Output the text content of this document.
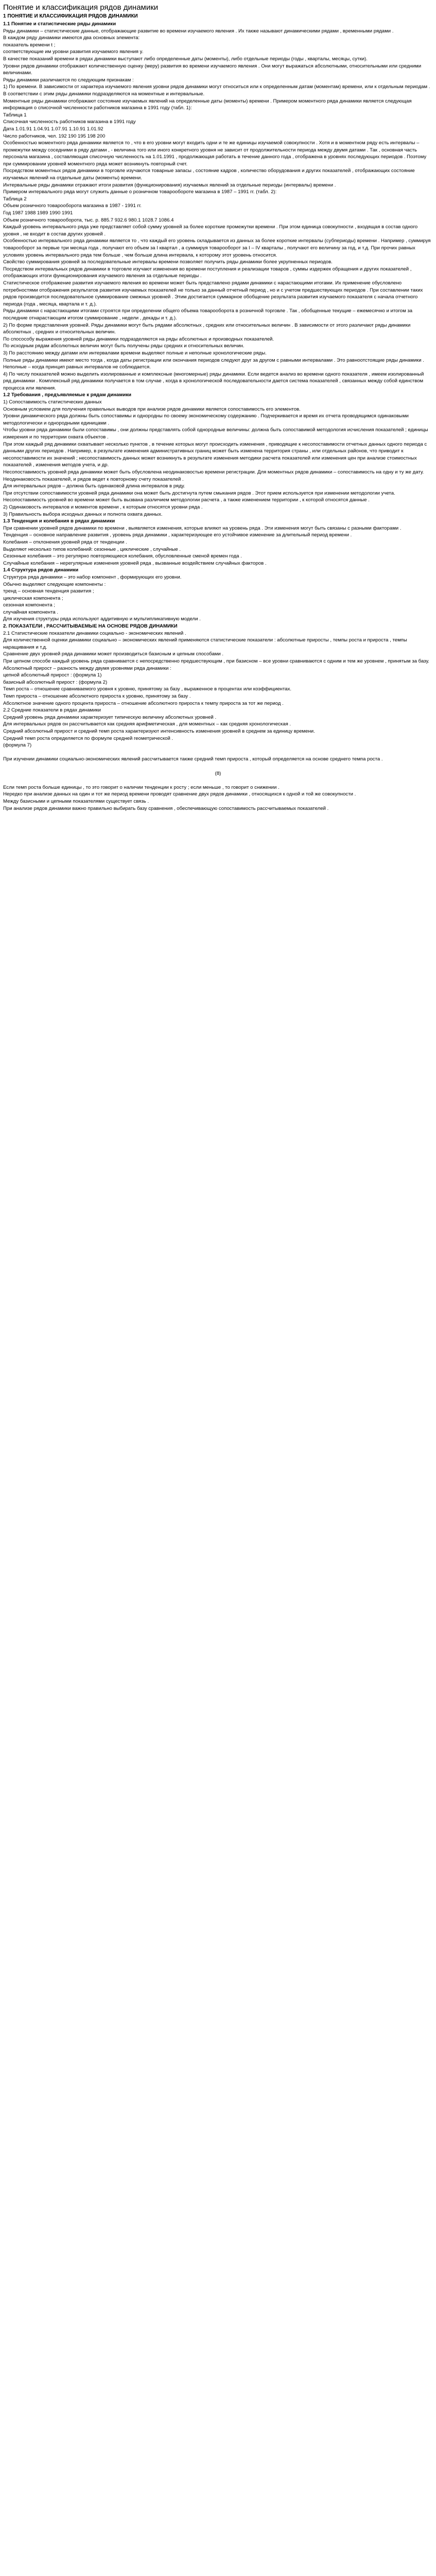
Понятие и классификация рядов динамики
1 ПОНЯТИЕ И КЛАССИФИКАЦИЯ РЯДОВ ДИНАМИКИ

1.1 Понятие и статистические ряды динамики

Ряды динамики – статистические данные, отображающие развитие во времени изучаемого явления . Их также называют динамическими рядами , временными рядами .

В каждом ряду динамики имеются два основных элемента:

показатель времени t ;

соответствующие им уровни развития изучаемого явления y.

В качестве показаний времени в рядах динамики выступают либо определенные даты (моменты), либо отдельные периоды (годы , кварталы, месяцы, сутки).

Уровни рядов динамики отображают количественную оценку (меру) развития во времени изучаемого явления . Они могут выражаться абсолютными, относительными или средними величинами.

Ряды динамики различаются по следующим признакам :

1) По времени. В зависимости от характера изучаемого явления уровни рядов динамики могут относиться или к определенным датам (моментам) времени, или к отдельным периодам . В соответствии с этим ряды динамики подразделяются на моментные и интервальные.

Моментные ряды динамики отображают состояние изучаемых явлений на определенные даты (моменты) времени . Примером моментного ряда динамики является следующая информация о списочной численности работников магазина в 1991 году (табл. 1):

Таблица 1

Списочная численность работников магазина в 1991 году

Дата 1.01.91 1.04.91 1.07.91 1.10.91 1.01.92

Число работников, чел. 192 190 195 198 200

Особенностью моментного ряда динамики является то , что в его уровни могут входить одни и те же единицы изучаемой совокупности . Хотя и в моментном ряду есть интервалы – промежутки между соседними в ряду датами , - величина того или иного конкретного уровня не зависит от продолжительности периода между двумя датами . Так , основная часть персонала магазина , составляющая списочную численность на 1.01.1991 , продолжающая работать в течение данного года , отображена в уровнях последующих периодов . Поэтому при суммировании уровней моментного ряда может возникнуть повторный счет.

Посредством моментных рядов динамики в торговле изучаются товарные запасы , состояние кадров , количество оборудования и других показателей , отображающих состояние изучаемых явлений на отдельные даты (моменты) времени.

Интервальные ряды динамики отражают итоги развития (функционирования) изучаемых явлений за отдельные периоды (интервалы) времени .

Примером интервального ряда могут служить данные о розничном товарообороте магазина в 1987 – 1991 гг. (табл. 2):

Таблица 2

Объем розничного товарооборота магазина в 1987 - 1991 гг.

Год 1987 1988 1989 1990 1991

Объем розничного товарооборота, тыс. р. 885.7 932.6 980.1 1028.7 1086.4

Каждый уровень интервального ряда уже представляет собой сумму уровней за более короткие промежутки времени . При этом единица совокупности , входящая в состав одного уровня , не входит в состав других уровней .

Особенностью интервального ряда динамики является то , что каждый его уровень складывается из данных за более короткие интервалы (субпериоды) времени . Например , суммируя товарооборот за первые три месяца года , получают его объем за I квартал , а суммируя товарооборот за I – IV кварталы , получают его величину за год, и т.д. При прочих равных условиях уровень интервального ряда тем больше , чем больше длина интервала, к которому этот уровень относится.

Свойство суммирования уровней за последовательные интервалы времени позволяет получить ряды динамики более укрупненных периодов.

Посредством интервальных рядов динамики в торговле изучают изменения во времени поступления и реализации товаров , суммы издержек обращения и других показателей , отображающих итоги функционирования изучаемого явления за отдельные периоды .

Статистическое отображение развития изучаемого явления во времени может быть представлено рядами динамики с нарастающими итогами. Их применение обусловлено потребностями отображения результатов развития изучаемых показателей не только за данный отчетный период , но и с учетом предшествующих периодов . При составлении таких рядов производится последовательное суммирование смежных уровней . Этим достигается суммарное обобщение результата развития изучаемого показателя с начала отчетного периода (года , месяца, квартала и т. д.).

Ряды динамики с нарастающими итогами строятся при определении общего объема товарооборота в розничной торговле . Так , обобщенные текущие – ежемесячно и итогом за последние отнарастающим итогом суммирование , недели , декады и т. д.).

2) По форме представления уровней. Ряды динамики могут быть рядами абсолютных , средних или относительных величин . В зависимости от этого различают ряды динамики абсолютных , средних и относительных величин.

По спосособу выражения уровней ряды динамики подразделяются на ряды абсолютных и производных показателей.

По исходным рядам абсолютных величин могут быть получены ряды средних и относительных величин.

3) По расстоянию между датами или интервалами времени выделяют полные и неполные хронологические ряды.

Полные ряды динамики имеют место тогда , когда даты регистрации или окончания периодов следуют друг за другом с равными интервалами . Это равноотстоящие ряды динамики .

Неполные – когда принцип равных интервалов не соблюдается.

4) По числу показателей можно выделить изолированные и комплексные (многомерные) ряды динамики. Если ведется анализ во времени одного показателя , имеем изолированный ряд динамики . Комплексный ряд динамики получается в том случае , когда в хронологической последовательности дается система показателей , связанных между собой единством процесса или явления.

1.2 Требования , предъявляемые к рядам динамики

1) Сопоставимость статистических данных

Основным условием для получения правильных выводов при анализе рядов динамики является сопоставимость его элементов.

Уровни динамического ряда должны быть сопоставимы и однородны по своему экономическому содержанию . Подчеркивается и время их отчета проводящимся одинаковыми методологически и однородными единицами .

Чтобы уровни ряда динамики были сопоставимы , они должны представлять собой однородные величины: должна быть сопоставимой методология исчисления показателей ; единицы измерения и по территории охвата объектов .

При этом каждый ряд динамики охватывает несколько пунктов , в течение которых могут происходить изменения , приводящие к несопоставимости отчетных данных одного периода с данными других периодов . Например, в результате изменения административных границ может быть изменена территория страны , или отдельных районов, что приводит к несопоставимости их значений ; несопоставимость данных может возникнуть в результате изменения методики расчета показателей или изменения цен при анализе стоимостных показателей , изменения методов учета, и др.

Несопоставимость уровней ряда динамики может быть обусловлена неодинаковостью времени регистрации. Для моментных рядов динамики – сопоставимость на одну и ту же дату. Неодинаковость показателей, и рядов ведет к повторному счету показателей .

Для интервальных рядов – должна быть одинаковой длина интервалов в ряду.

При отсутствии сопоставимости уровней ряда динамики она может быть достигнута путем смыкания рядов . Этот прием используется при изменении методологии учета.

Несопоставимость уровней во времени может быть вызвана различием методологии расчета , а также изменением территории , к которой относятся данные .

2) Одинаковость интервалов и моментов времени , к которым относятся уровни ряда .

3) Правильность выбора исходных данных и полнота охвата данных.

1.3 Тенденция и колебания в рядах динамики

При сравнении уровней рядов динамики по времени , выявляется изменения, которые влияют на уровень ряда . Эти изменения могут быть связаны с разными факторами .

Тенденция – основное направление развития , уровень ряда динамики , характеризующее его устойчивое изменение за длительный период времени .

Колебания – отклонения уровней ряда от тенденции .

Выделяют несколько типов колебаний: сезонные , циклические , случайные .

Сезонные колебания – это регулярно повторяющиеся колебания, обусловленные сменой времен года .

Случайные колебания – нерегулярные изменения уровней ряда , вызванные воздействием случайных факторов .

1.4 Структура рядов динамики

Структура ряда динамики – это набор компонент , формирующих его уровни.

Обычно выделяют следующие компоненты :

тренд – основная тенденция развития ;

циклическая компонента ;

сезонная компонента ;

случайная компонента .

Для изучения структуры ряда используют аддитивную и мультипликативную модели .

2. ПОКАЗАТЕЛИ , РАССЧИТЫВАЕМЫЕ НА ОСНОВЕ РЯДОВ ДИНАМИКИ

2.1 Статистические показатели динамики социально - экономических явлений .

Для количественной оценки динамики социально – экономических явлений применяются статистические показатели : абсолютные приросты , темпы роста и прироста , темпы наращивания и т.д.

Сравнение двух уровней ряда динамики может производиться базисным и цепным способами .

При цепном способе каждый уровень ряда сравнивается с непосредственно предшествующим , при базисном – все уровни сравниваются с одним и тем же уровнем , принятым за базу.

Абсолютный прирост – разность между двумя уровнями ряда динамики :

цепной абсолютный прирост : (формула 1)

базисный абсолютный прирост : (формула 2)

Темп роста – отношение сравниваемого уровня к уровню, принятому за базу , выраженное в процентах или коэффициентах.

Темп прироста – отношение абсолютного прироста к уровню, принятому за базу .

Абсолютное значение одного процента прироста – отношение абсолютного прироста к темпу прироста за тот же период .

2.2 Средние показатели в рядах динамики

Средний уровень ряда динамики характеризует типическую величину абсолютных уровней .

Для интервальных рядов он рассчитывается как средняя арифметическая , для моментных – как средняя хронологическая .

Средний абсолютный прирост и средний темп роста характеризуют интенсивность изменения уровней в среднем за единицу времени.

Средний темп роста определяется по формуле средней геометрической .

(формула 7)

При изучении динамики социально-экономических явлений рассчитывается также средний темп прироста , который определяется на основе среднего темпа роста .

(8)

Если темп роста больше единицы , то это говорит о наличии тенденции к росту ; если меньше , то говорит о снижении .

Нередко при анализе данных на один и тот же период времени проводят сравнение двух рядов динамики , относящихся к одной и той же совокупности .

Между базисными и цепными показателями существует связь .

При анализе рядов динамики важно правильно выбирать базу сравнения , обеспечивающую сопоставимость рассчитываемых показателей .
